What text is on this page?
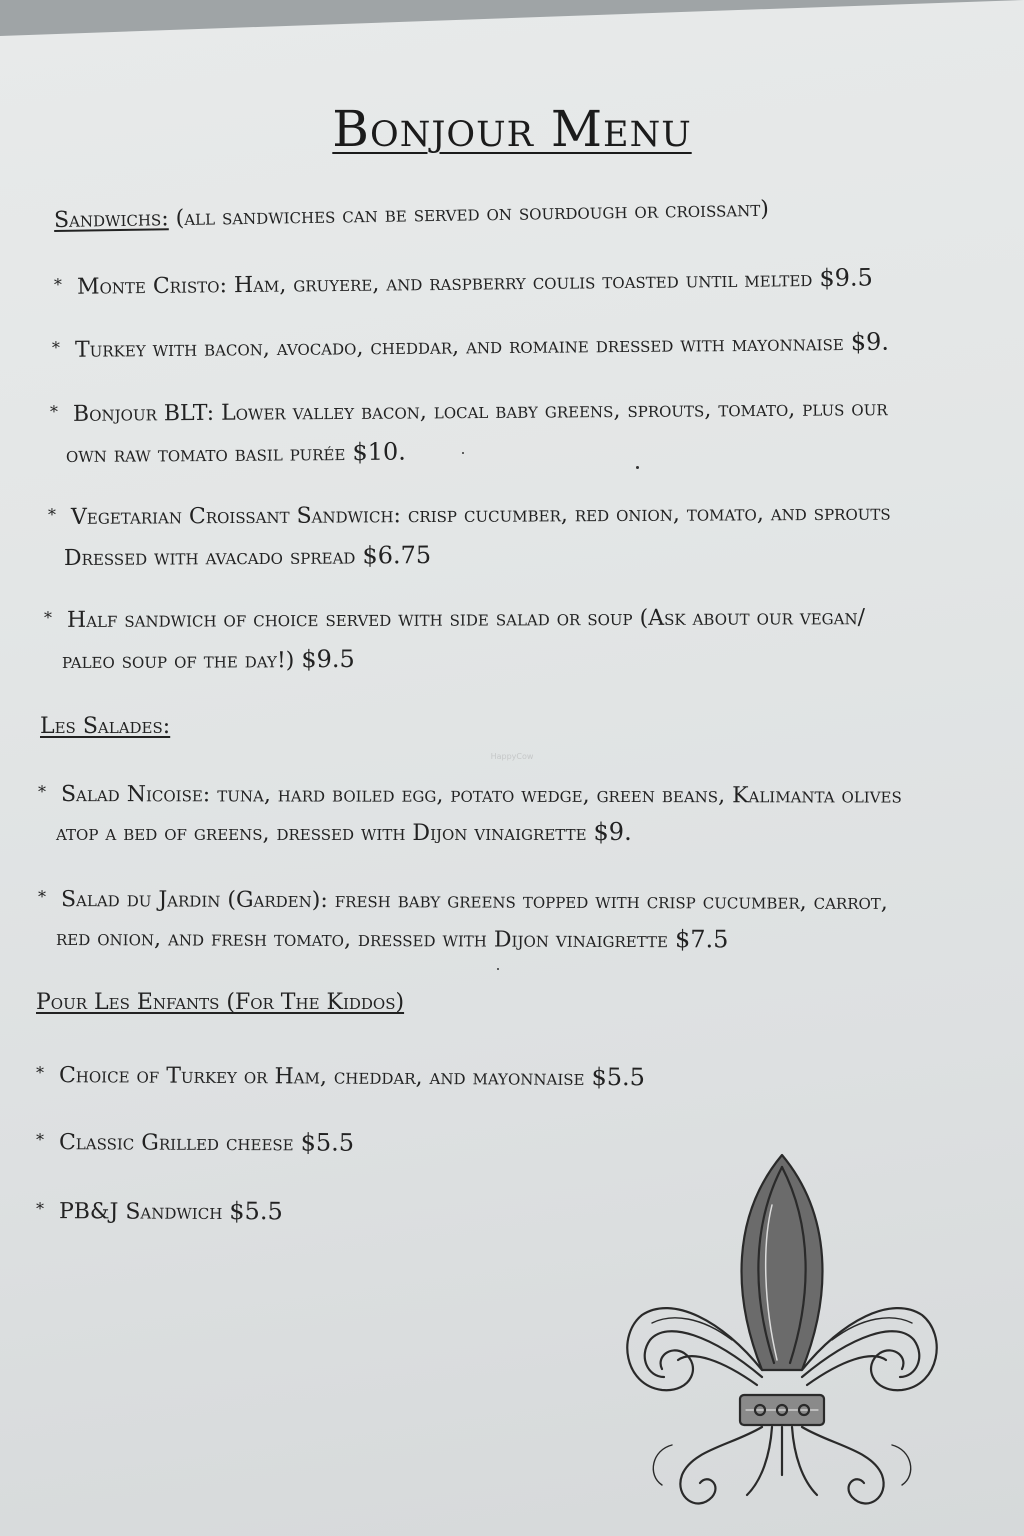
Bonjour Menu

Sandwichs: (all sandwiches can be served on sourdough or croissant)

* Monte Cristo: Ham, gruyere, and raspberry coulis toasted until melted $9.5

* Turkey with bacon, avocado, cheddar, and romaine dressed with mayonnaise $9.

* Bonjour BLT: Lower valley bacon, local baby greens, sprouts, tomato, plus our

own raw tomato basil purée $10.

* Vegetarian Croissant Sandwich: crisp cucumber, red onion, tomato, and sprouts

Dressed with avacado spread $6.75

* Half sandwich of choice served with side salad or soup (Ask about our vegan/

paleo soup of the day!) $9.5

Les Salades:

* Salad Nicoise: tuna, hard boiled egg, potato wedge, green beans, Kalimanta olives

atop a bed of greens, dressed with Dijon vinaigrette $9.

* Salad du Jardin (Garden): fresh baby greens topped with crisp cucumber, carrot,

red onion, and fresh tomato, dressed with Dijon vinaigrette $7.5

Pour Les Enfants (For The Kiddos)

* Choice of Turkey or Ham, cheddar, and mayonnaise $5.5

* Classic Grilled cheese $5.5

* PB&J Sandwich $5.5

HappyCow
